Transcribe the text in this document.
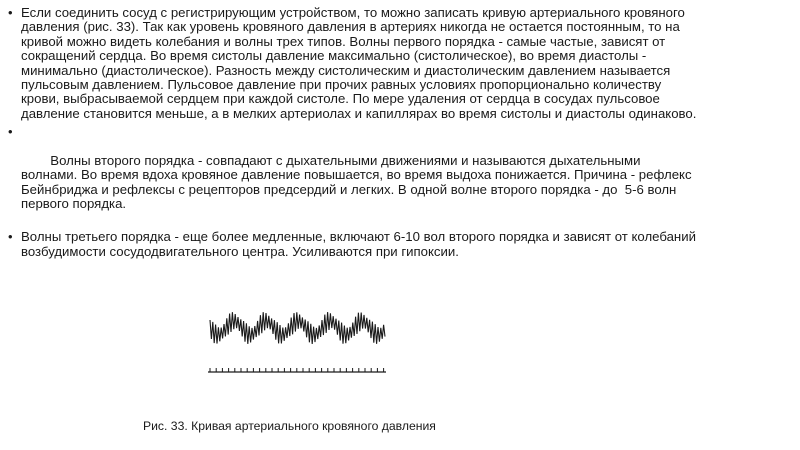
• Если соединить сосуд с регистрирующим устройством, то можно записать кривую артериального кровяного давления (рис. 33). Так как уровень кровяного давления в артериях никогда не остается постоянным, то на кривой можно видеть колебания и волны трех типов. Волны первого порядка - самые частые, зависят от сокращений сердца. Во время систолы давление максимально (систолическое), во время диастолы - минимально (диастолическое). Разность между систолическим и диастолическим давлением называется пульсовым давлением. Пульсовое давление при прочих равных условиях пропорционально количеству крови, выбрасываемой сердцем при каждой систоле. По мере удаления от сердца в сосудах пульсовое давление становится меньше, а в мелких артериолах и капиллярах во время систолы и диастолы одинаково.

•

Волны второго порядка - совпадают с дыхательными движениями и называются дыхательными волнами. Во время вдоха кровяное давление повышается, во время выдоха понижается. Причина - рефлекс Бейнбриджа и рефлексы с рецепторов предсердий и легких. В одной волне второго порядка - до  5-6 волн первого порядка.

• Волны третьего порядка - еще более медленные, включают 6-10 вол второго порядка и зависят от колебаний возбудимости сосудодвигательного центра. Усиливаются при гипоксии.
Рис. 33. Кривая артериального кровяного давления
